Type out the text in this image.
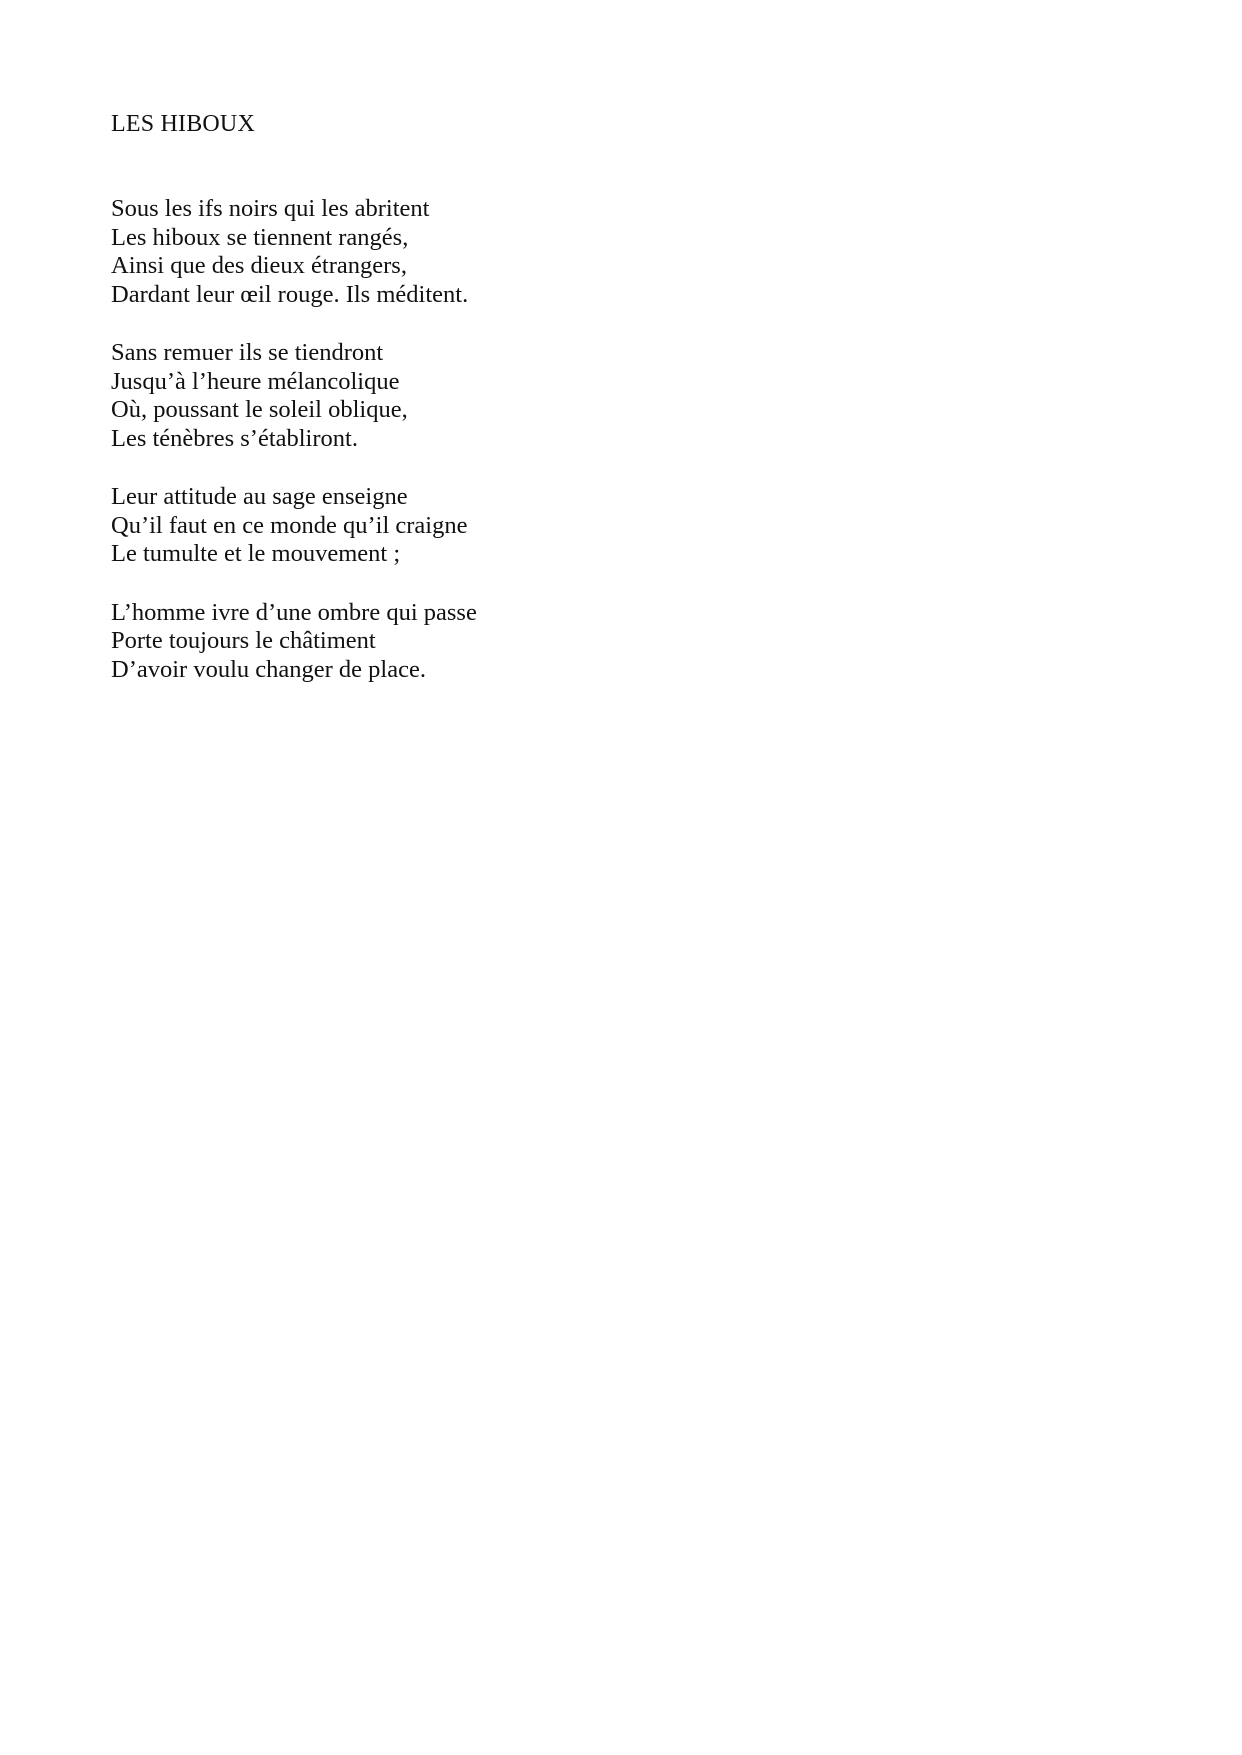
LES HIBOUX
Sous les ifs noirs qui les abritent
Les hiboux se tiennent rangés,
Ainsi que des dieux étrangers,
Dardant leur œil rouge. Ils méditent.
Sans remuer ils se tiendront
Jusqu’à l’heure mélancolique
Où, poussant le soleil oblique,
Les ténèbres s’établiront.
Leur attitude au sage enseigne
Qu’il faut en ce monde qu’il craigne
Le tumulte et le mouvement ;
L’homme ivre d’une ombre qui passe
Porte toujours le châtiment
D’avoir voulu changer de place.
